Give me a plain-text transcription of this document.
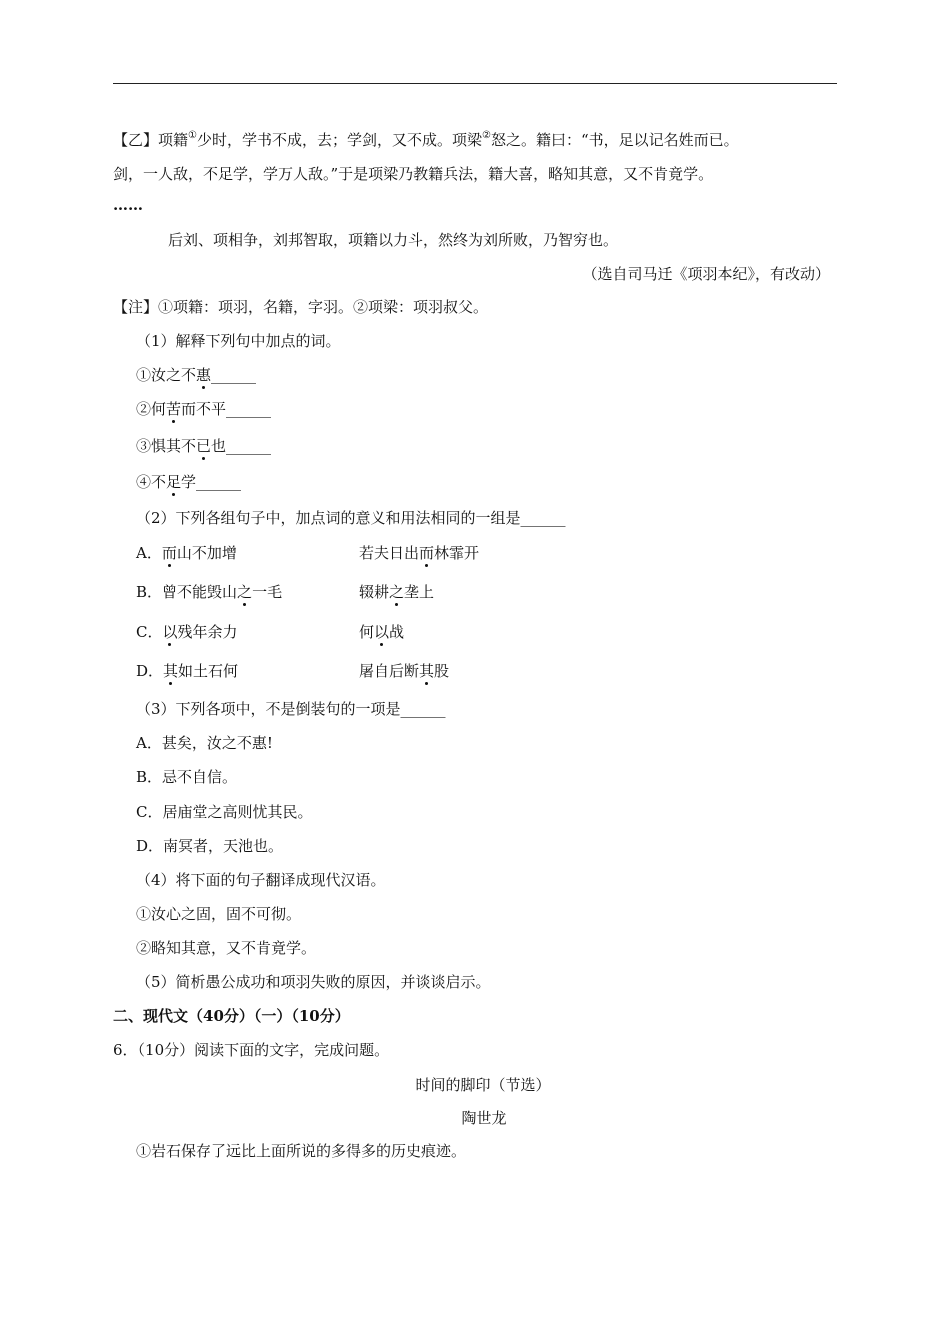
【乙】项籍①少时，学书不成，去；学剑，又不成。项梁②怒之。籍曰：“书，足以记名姓而已。
剑，一人敌，不足学，学万人敌。”于是项梁乃教籍兵法，籍大喜，略知其意，又不肯竟学。
……
后刘、项相争，刘邦智取，项籍以力斗，然终为刘所败，乃智穷也。
（选自司马迁《项羽本纪》，有改动）
【注】①项籍：项羽，名籍，字羽。②项梁：项羽叔父。
（1）解释下列句中加点的词。
①汝之不惠______
②何苦而不平______
③惧其不已也______
④不足学______
（2）下列各组句子中，加点词的意义和用法相同的一组是______
A．而山不加增	若夫日出而林霏开
B．曾不能毁山之一毛	辍耕之垄上
C．以残年余力	何以战
D．其如土石何	屠自后断其股
（3）下列各项中，不是倒装句的一项是______
A．甚矣，汝之不惠!
B．忌不自信。
C．居庙堂之高则忧其民。
D．南冥者，天池也。
（4）将下面的句子翻译成现代汉语。
①汝心之固，固不可彻。
②略知其意，又不肯竟学。
（5）简析愚公成功和项羽失败的原因，并谈谈启示。
二、现代文（40分）（一）（10分）
6．（10分）阅读下面的文字，完成问题。
时间的脚印（节选）
陶世龙
①岩石保存了远比上面所说的多得多的历史痕迹。
